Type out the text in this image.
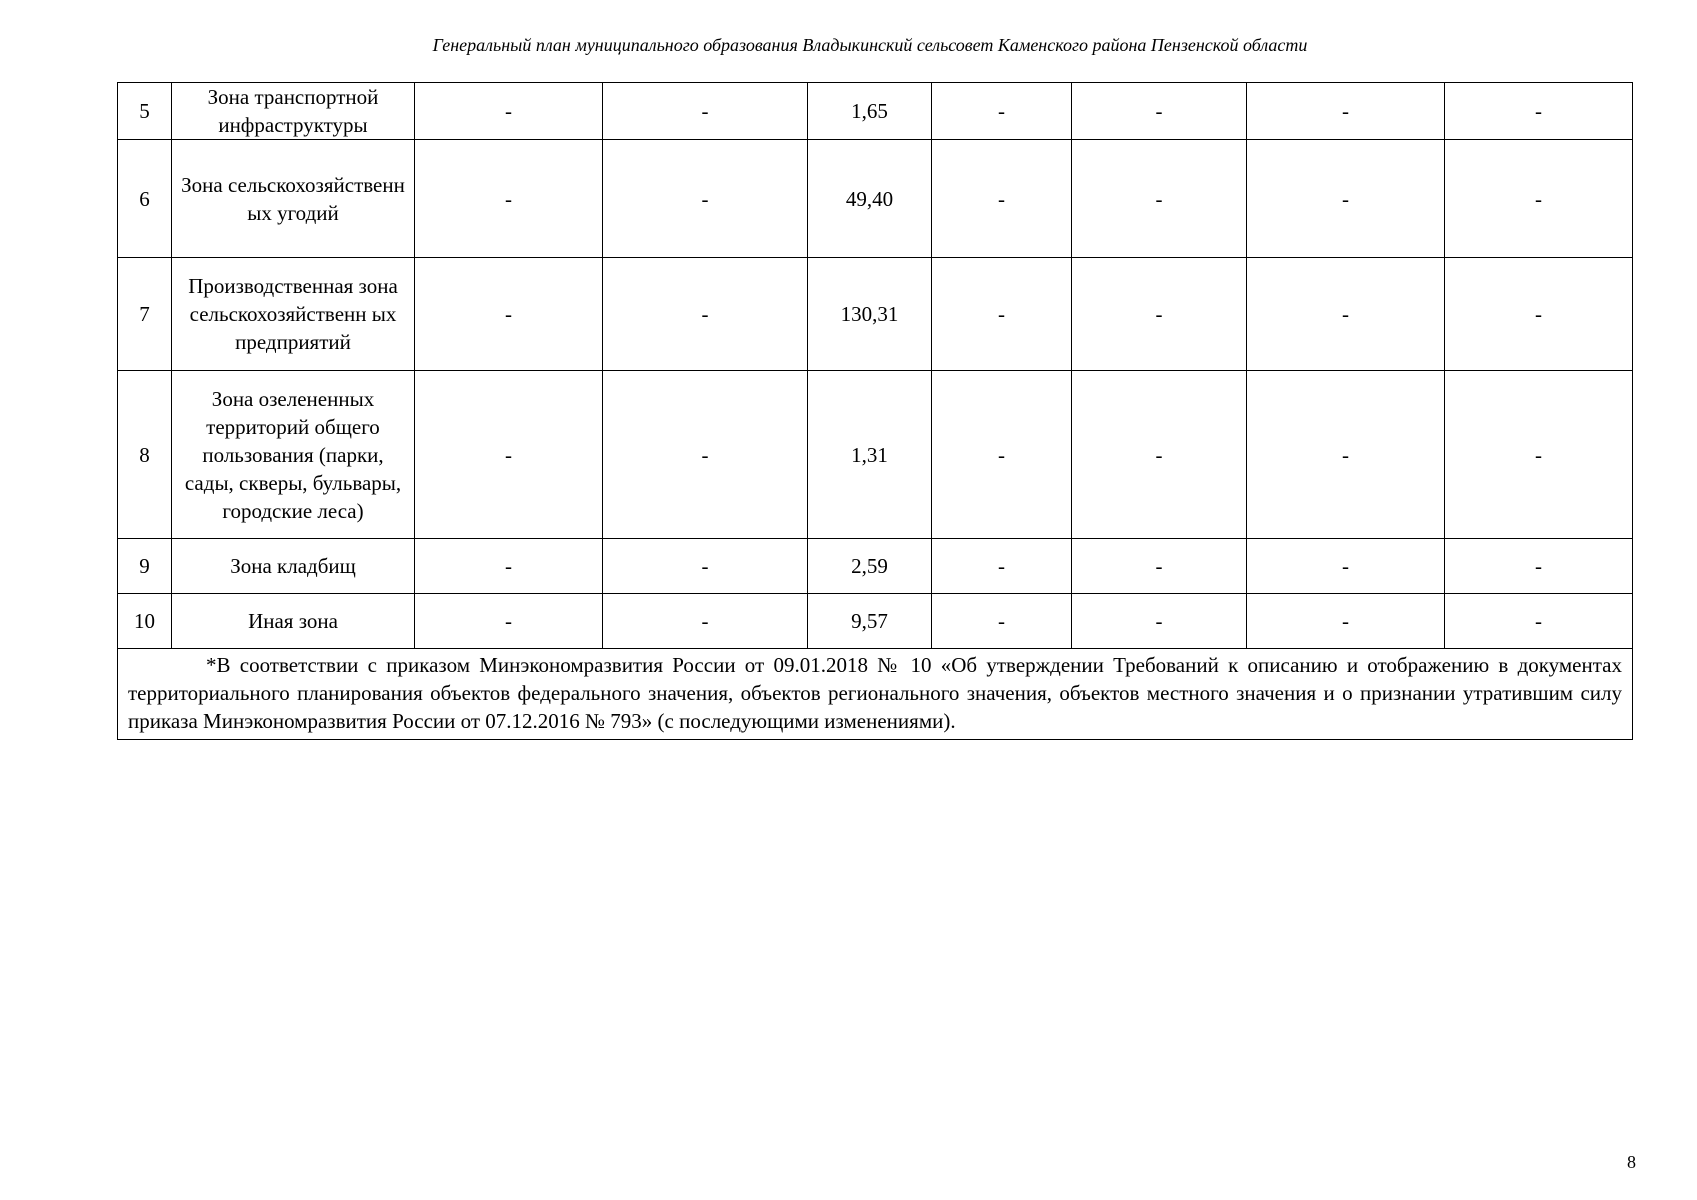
Генеральный план муниципального образования Владыкинский сельсовет Каменского района Пензенской области
5	Зона транспортной инфраструктуры	-	-	1,65	-	-	-	-
6	Зона сельскохозяйственн ых угодий	-	-	49,40	-	-	-	-
7	Производственная зона сельскохозяйственн ых предприятий	-	-	130,31	-	-	-	-
8	Зона озелененных территорий общего пользования (парки, сады, скверы, бульвары, городские леса)	-	-	1,31	-	-	-	-
9	Зона кладбищ	-	-	2,59	-	-	-	-
10	Иная зона	-	-	9,57	-	-	-	-

*В соответствии с приказом Минэкономразвития России от 09.01.2018 № 10 «Об утверждении Требований к описанию и отображению в документах территориального планирования объектов федерального значения, объектов регионального значения, объектов местного значения и о признании утратившим силу приказа Минэкономразвития России от 07.12.2016 № 793» (с последующими изменениями).								
8
